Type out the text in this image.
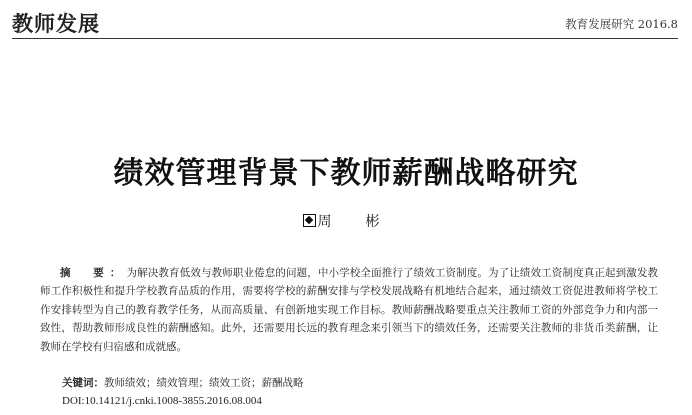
教师发展	教育发展研究 2016.8
绩效管理背景下教师薪酬战略研究
周　彬
摘　要：为解决教育低效与教师职业倦怠的问题，中小学校全面推行了绩效工资制度。为了让绩效工资制度真正起到激发教师工作积极性和提升学校教育品质的作用，需要将学校的薪酬安排与学校发展战略有机地结合起来，通过绩效工资促进教师将学校工作安排转型为自己的教育教学任务，从而高质量、有创新地实现工作目标。教师薪酬战略要重点关注教师工资的外部竞争力和内部一致性，帮助教师形成良性的薪酬感知。此外，还需要用长远的教育理念来引领当下的绩效任务，还需要关注教师的非货币类薪酬，让教师在学校有归宿感和成就感。
关键词：教师绩效；绩效管理；绩效工资；薪酬战略
DOI:10.14121/j.cnki.1008-3855.2016.08.004
